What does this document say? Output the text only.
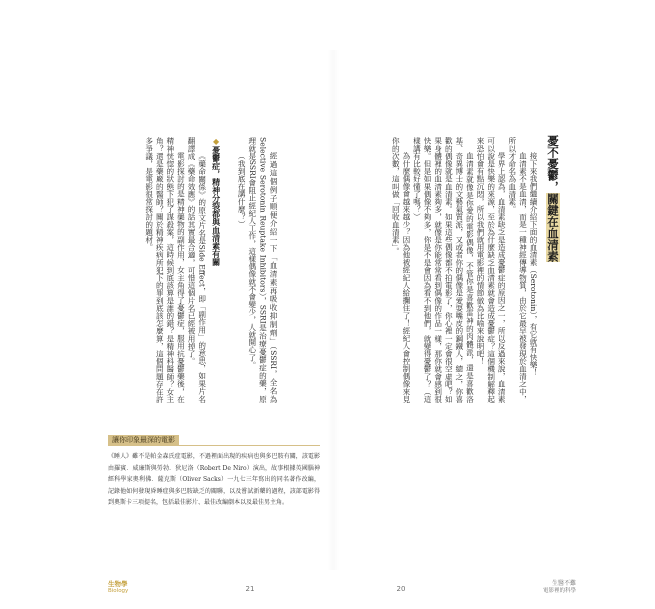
憂不憂鬱，關鍵在血清素

接下來我們繼續介紹下面的血清素（Serotonin），有它就有快樂！

血清素不是血清，而是一種神經傳導物質，由於它最早被發現於血清之中，所以才命名為血清素。

學界上認為，血清素缺乏是造成憂鬱症的原因之一，所以反過來說，血清素可以說是快樂的來源，至於為什麼缺乏血清素就會造成憂鬱症？這個機制解釋起來恐怕會有點沉悶，所以我們就用電影裡的情節做為比喻來說明吧！

血清素就像是你愛的電影偶像，不管你是喜歡雷神的肉體派，還是喜歡洛基、奇異博士的文藝氣質派，又或者你的偶像是愛耍嘴皮的鋼鐵人，總之，你喜歡的偶像就是血清素。如果這些偶像都不拍電影了，你心裡一定會很空虛吧？如果身體裡的血清素夠多，就像是你能常常看到偶像的作品一樣，那你就會感到很快樂。但是如果偶像不夠多，你是不是會因為看不到他們，就變得憂鬱了？（這樣講有比較好懂了嗎？）

為什麼偶像會越來越少？因為他被經紀人給攔住了！經紀人會控制偶像來見你的次數，這叫做「回收血清素」。

經過這個例子順便介紹一下「血清素再吸收抑制劑」（SSRI，全名為Selective Serotonin Reuptake Inhibitors），SSRI是治療憂鬱症的藥，原理就是SSRI會阻止經紀人工作，這樣偶像就不會變少，人就開心了。

（我到底在講什麼？）

◆憂鬱症，精神分裂都與血清素有關

《藥命關係》的原文片名是Side Effect，即「副作用」的意思，如果片名翻譯成《藥命效應》的話其實最合適，可惜這個片名已經被用掉了。

電影探討的是精神藥物的副作用，女主角得了憂鬱症，服用抗憂鬱藥後，在精神恍惚的狀態下犯了謀殺案，這時候到底該算是誰的錯？是精神科醫師？女主角？還是藥廠的醫師？關於精神疾病所犯下的罪到底該怎麼算，這個問題存在許多爭議，是電影很常探討的題材。

讓你印象最深的電影

《睡人》雖不是帕金森氏症電影，不過裡面出現的疾病也與多巴胺有關，該電影由羅賓．威廉斯與勞勃．狄尼洛（Robert De Niro）演出，故事根據英國腦神經科學家奧利佛．薩克斯（Oliver Sacks）一九七三年寫出的同名著作改編，記錄他如何發現昏睡症與多巴胺缺乏的關聯，以及嘗試新藥的過程，該部電影得到奧斯卡三項提名，包括最佳影片、最佳改編劇本以及最佳男主角。

生物學
Biology	21	20
生醫不難
電影裡的科學
